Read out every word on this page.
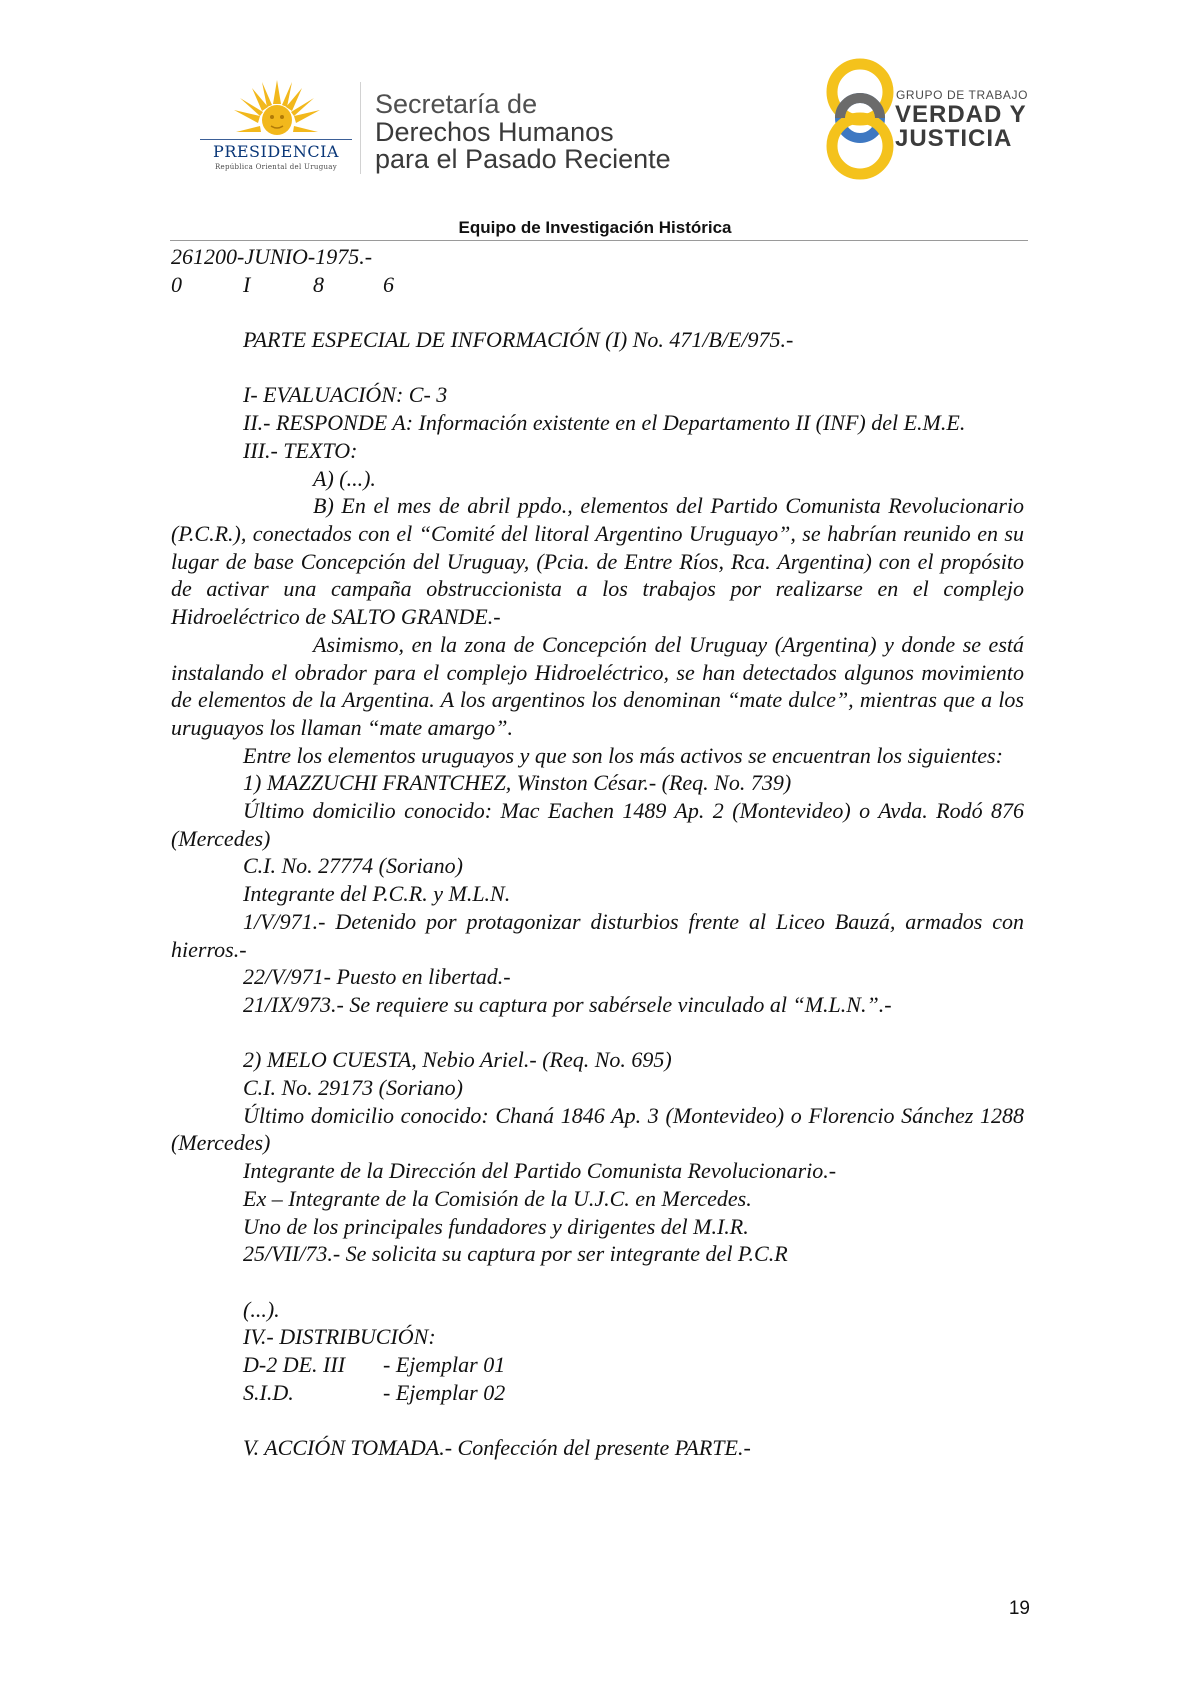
PRESIDENCIA
República Oriental del Uruguay
Secretaría de
Derechos Humanos
para el Pasado Reciente
GRUPO DE TRABAJO
VERDAD Y
JUSTICIA
Equipo de Investigación Histórica

261200-JUNIO-1975.-

0	I	8	6

PARTE ESPECIAL DE INFORMACIÓN (I) No. 471/B/E/975.-

I- EVALUACIÓN: C- 3

II.- RESPONDE A: Información existente en el Departamento II (INF) del E.M.E.

III.- TEXTO:

A) (...).

B) En el mes de abril ppdo., elementos del Partido Comunista Revolucionario (P.C.R.), conectados con el “Comité del litoral Argentino Uruguayo”, se habrían reunido en su lugar de base Concepción del Uruguay, (Pcia. de Entre Ríos, Rca. Argentina) con el propósito de activar una campaña obstruccionista a los trabajos por realizarse en el complejo Hidroeléctrico de SALTO GRANDE.-

Asimismo, en la zona de Concepción del Uruguay (Argentina) y donde se está instalando el obrador para el complejo Hidroeléctrico, se han detectados algunos movimiento de elementos de la Argentina. A los argentinos los denominan “mate dulce”, mientras que a los uruguayos los llaman “mate amargo”.

Entre los elementos uruguayos y que son los más activos se encuentran los siguientes:

1) MAZZUCHI FRANTCHEZ, Winston César.- (Req. No. 739)

Último domicilio conocido: Mac Eachen 1489 Ap. 2 (Montevideo) o Avda. Rodó 876 (Mercedes)

C.I. No. 27774 (Soriano)

Integrante del P.C.R. y M.L.N.

1/V/971.- Detenido por protagonizar disturbios frente al Liceo Bauzá, armados con hierros.-

22/V/971- Puesto en libertad.-

21/IX/973.- Se requiere su captura por sabérsele vinculado al “M.L.N.”.-

2) MELO CUESTA, Nebio Ariel.- (Req. No. 695)

C.I. No. 29173 (Soriano)

Último domicilio conocido: Chaná 1846 Ap. 3 (Montevideo) o Florencio Sánchez 1288 (Mercedes)

Integrante de la Dirección del Partido Comunista Revolucionario.-

Ex – Integrante de la Comisión de la U.J.C. en Mercedes.

Uno de los principales fundadores y dirigentes del M.I.R.

25/VII/73.- Se solicita su captura por ser integrante del P.C.R

(...).

IV.- DISTRIBUCIÓN:

D-2 DE. III	- Ejemplar 01
S.I.D.	- Ejemplar 02

V. ACCIÓN TOMADA.- Confección del presente PARTE.-

19
